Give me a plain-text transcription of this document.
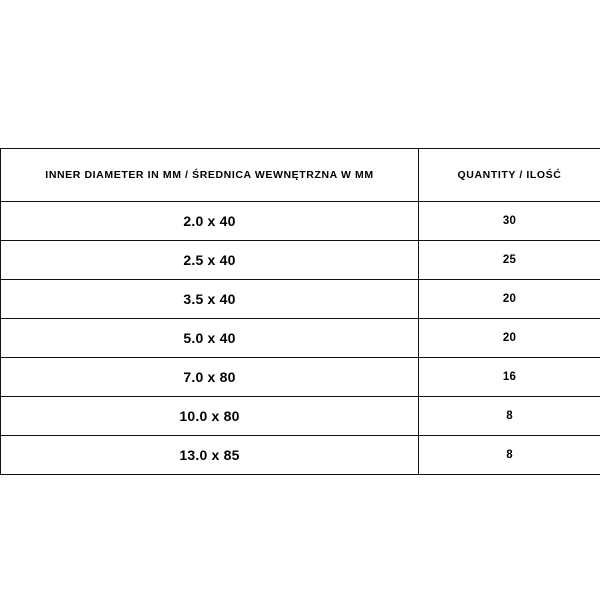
INNER DIAMETER IN MM / ŚREDNICA WEWNĘTRZNA W MM	QUANTITY / ILOŚĆ
2.0 x 40	30
2.5 x 40	25
3.5 x 40	20
5.0 x 40	20
7.0 x 80	16
10.0 x 80	8
13.0 x 85	8
